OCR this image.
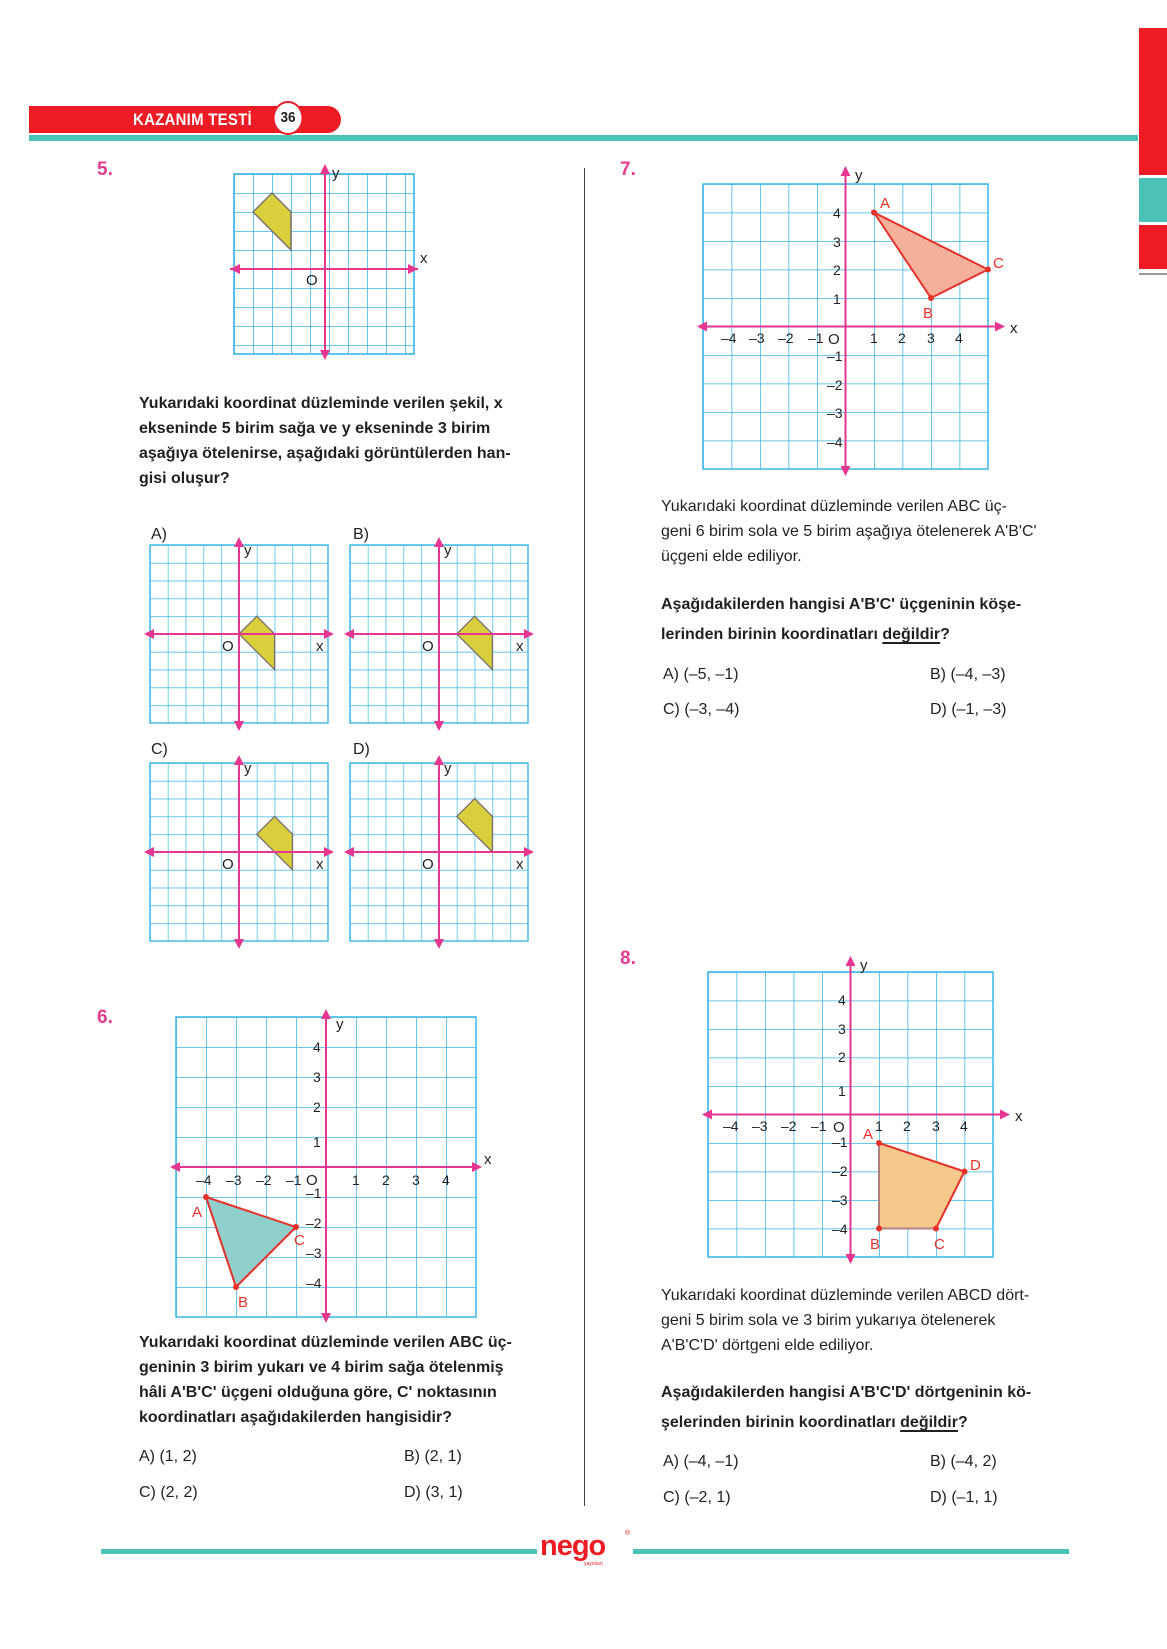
KAZANIM TESTİ	36
5.	y
x
O
Yukarıdaki koordinat düzleminde verilen şekil, x
ekseninde 5 birim sağa ve y ekseninde 3 birim
aşağıya ötelenirse, aşağıdaki görüntülerden han-
gisi oluşur?
A)
y
x
O
B)
y
x
O
C)
y
x
O
D)
y
x
O
6.	y
x
O
–4 –3 –2 –1	1 2 3 4
4
3
2
1
–1
–2
–3
–4
A
B
C
Yukarıdaki koordinat düzleminde verilen ABC üç-
geninin 3 birim yukarı ve 4 birim sağa ötelenmiş
hâli A'B'C' üçgeni olduğuna göre, C' noktasının
koordinatları aşağıdakilerden hangisidir?
A) (1, 2)	B) (2, 1)
C) (2, 2)	D) (3, 1)
7.	y
x
O
–4 –3 –2 –1	1 2 3 4
4
3
2
1
–1
–2
–3
–4
A
B
C
Yukarıdaki koordinat düzleminde verilen ABC üç-
geni 6 birim sola ve 5 birim aşağıya ötelenerek A'B'C'
üçgeni elde ediliyor.
Aşağıdakilerden hangisi A'B'C' üçgeninin köşe-
lerinden birinin koordinatları değildir?
A) (–5, –1)	B) (–4, –3)
C) (–3, –4)	D) (–1, –3)
8.	y
x
O
–4 –3 –2 –1	1 2 3 4
4
3
2
1
–1
–2
–3
–4
A
B	C
D
Yukarıdaki koordinat düzleminde verilen ABCD dört-
geni 5 birim sola ve 3 birim yukarıya ötelenerek
A'B'C'D' dörtgeni elde ediliyor.
Aşağıdakilerden hangisi A'B'C'D' dörtgeninin kö-
şelerinden birinin koordinatları değildir?
A) (–4, –1)	B) (–4, 2)
C) (–2, 1)	D) (–1, 1)
nego	®
yayınları
